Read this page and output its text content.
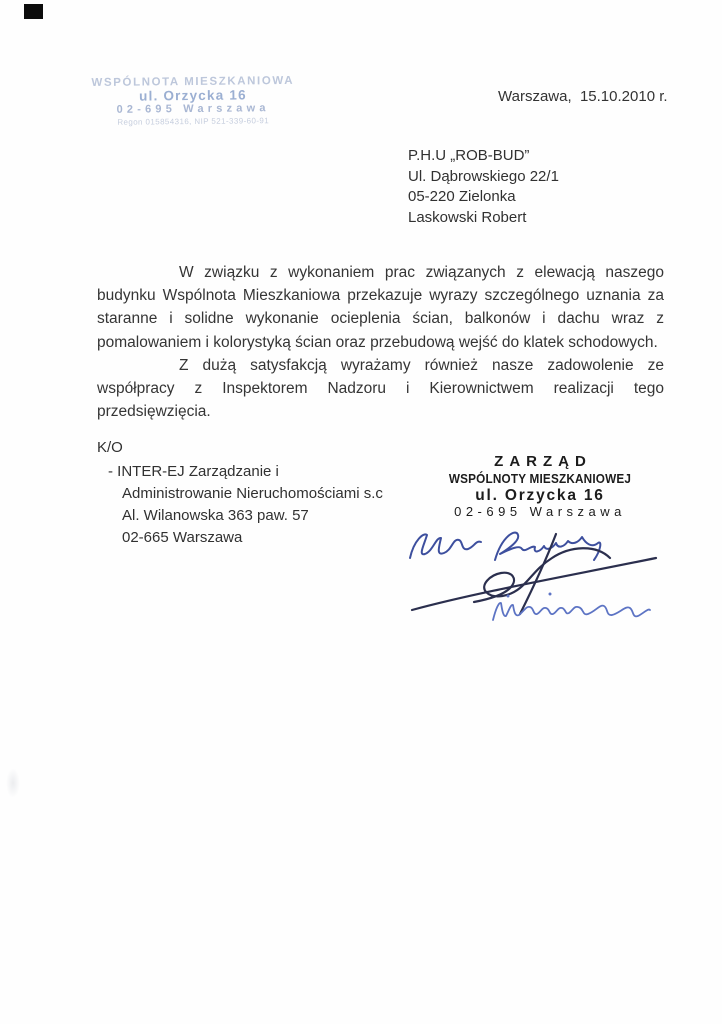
WSPÓLNOTA MIESZKANIOWA
ul. Orzycka 16
02-695 Warszawa
Regon 015854316, NIP 521-339-60-91
Warszawa,  15.10.2010 r.
P.H.U „ROB-BUD”
Ul. Dąbrowskiego 22/1
05-220 Zielonka
Laskowski Robert

W związku z wykonaniem prac związanych z elewacją naszego budynku Wspólnota Mieszkaniowa przekazuje wyrazy szczególnego uznania za staranne i solidne wykonanie ocieplenia ścian, balkonów i dachu wraz z pomalowaniem i kolorystyką ścian oraz przebudową wejść do klatek schodowych.

Z dużą satysfakcją wyrażamy również nasze zadowolenie ze współpracy z Inspektorem Nadzoru i Kierownictwem realizacji tego przedsięwzięcia.

K/O
- INTER-EJ Zarządzanie i
Administrowanie Nieruchomościami s.c
Al. Wilanowska 363 paw. 57
02-665 Warszawa
ZARZĄD
WSPÓLNOTY MIESZKANIOWEJ
ul. Orzycka 16
02-695 Warszawa
